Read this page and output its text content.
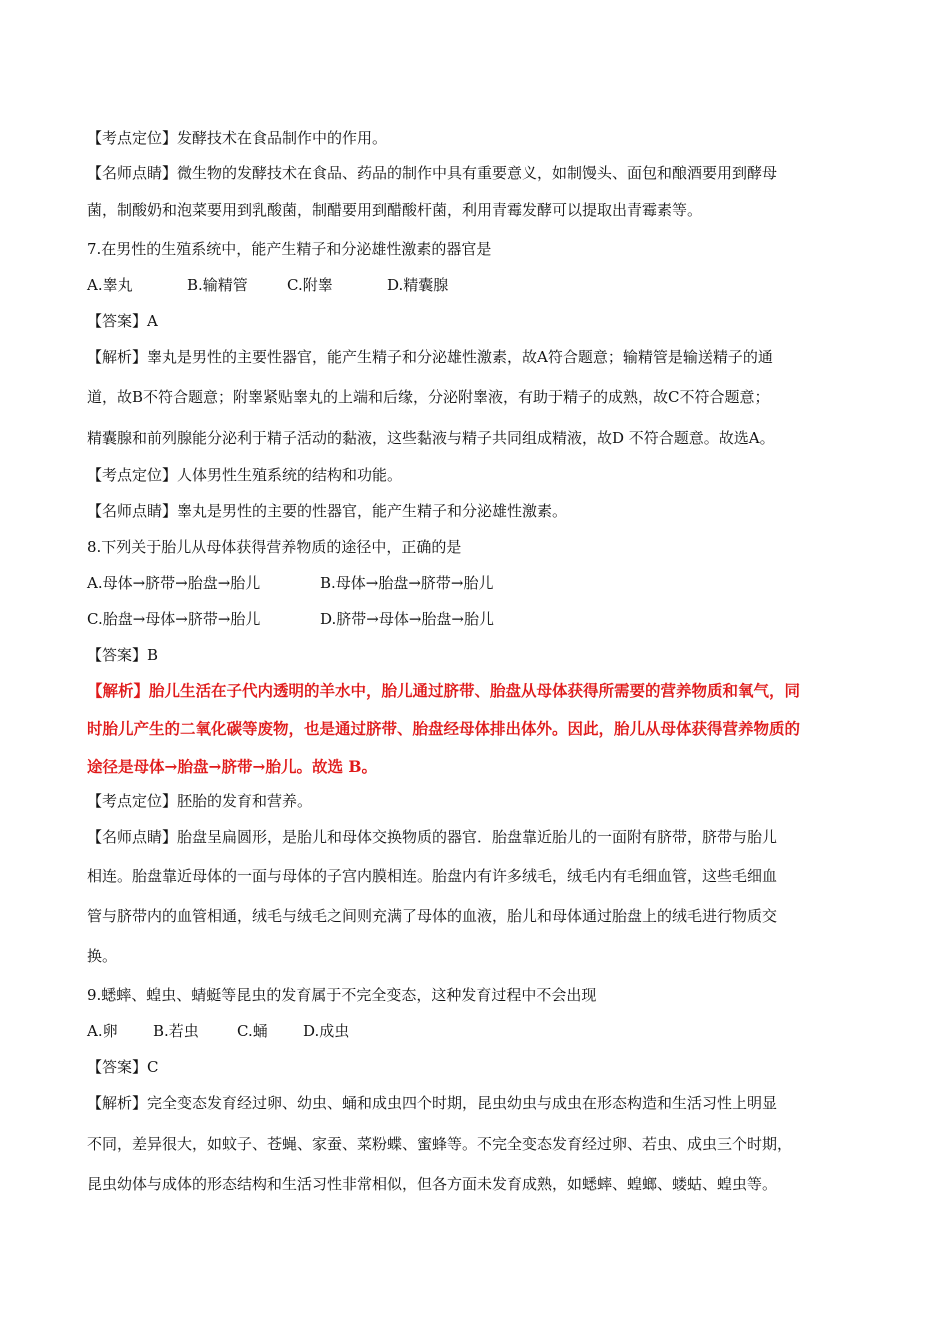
【考点定位】发酵技术在食品制作中的作用。

【名师点睛】微生物的发酵技术在食品、药品的制作中具有重要意义，如制馒头、面包和酿酒要用到酵母

菌，制酸奶和泡菜要用到乳酸菌，制醋要用到醋酸杆菌，利用青霉发酵可以提取出青霉素等。

7.在男性的生殖系统中，能产生精子和分泌雄性激素的器官是

A.睾丸	B.输精管	C.附睾	D.精囊腺

【答案】A

【解析】睾丸是男性的主要性器官，能产生精子和分泌雄性激素，故A符合题意；输精管是输送精子的通

道，故B不符合题意；附睾紧贴睾丸的上端和后缘，分泌附睾液，有助于精子的成熟，故C不符合题意；

精囊腺和前列腺能分泌利于精子活动的黏液，这些黏液与精子共同组成精液，故D 不符合题意。故选A。

【考点定位】人体男性生殖系统的结构和功能。

【名师点睛】睾丸是男性的主要的性器官，能产生精子和分泌雄性激素。

8.下列关于胎儿从母体获得营养物质的途径中，正确的是

A.母体→脐带→胎盘→胎儿	B.母体→胎盘→脐带→胎儿

C.胎盘→母体→脐带→胎儿	D.脐带→母体→胎盘→胎儿

【答案】B

【解析】胎儿生活在子代内透明的羊水中，胎儿通过脐带、胎盘从母体获得所需要的营养物质和氧气，同

时胎儿产生的二氧化碳等废物，也是通过脐带、胎盘经母体排出体外。因此，胎儿从母体获得营养物质的

途径是母体→胎盘→脐带→胎儿。故选 B。

【考点定位】胚胎的发育和营养。

【名师点睛】胎盘呈扁圆形，是胎儿和母体交换物质的器官．胎盘靠近胎儿的一面附有脐带，脐带与胎儿

相连。胎盘靠近母体的一面与母体的子宫内膜相连。胎盘内有许多绒毛，绒毛内有毛细血管，这些毛细血

管与脐带内的血管相通，绒毛与绒毛之间则充满了母体的血液，胎儿和母体通过胎盘上的绒毛进行物质交

换。

9.蟋蟀、蝗虫、蜻蜓等昆虫的发育属于不完全变态，这种发育过程中不会出现

A.卵 B.若虫	C.蛹 D.成虫

【答案】C

【解析】完全变态发育经过卵、幼虫、蛹和成虫四个时期，昆虫幼虫与成虫在形态构造和生活习性上明显

不同，差异很大，如蚊子、苍蝇、家蚕、菜粉蝶、蜜蜂等。不完全变态发育经过卵、若虫、成虫三个时期，

昆虫幼体与成体的形态结构和生活习性非常相似，但各方面未发育成熟，如蟋蟀、蝗螂、蝼蛄、蝗虫等。
